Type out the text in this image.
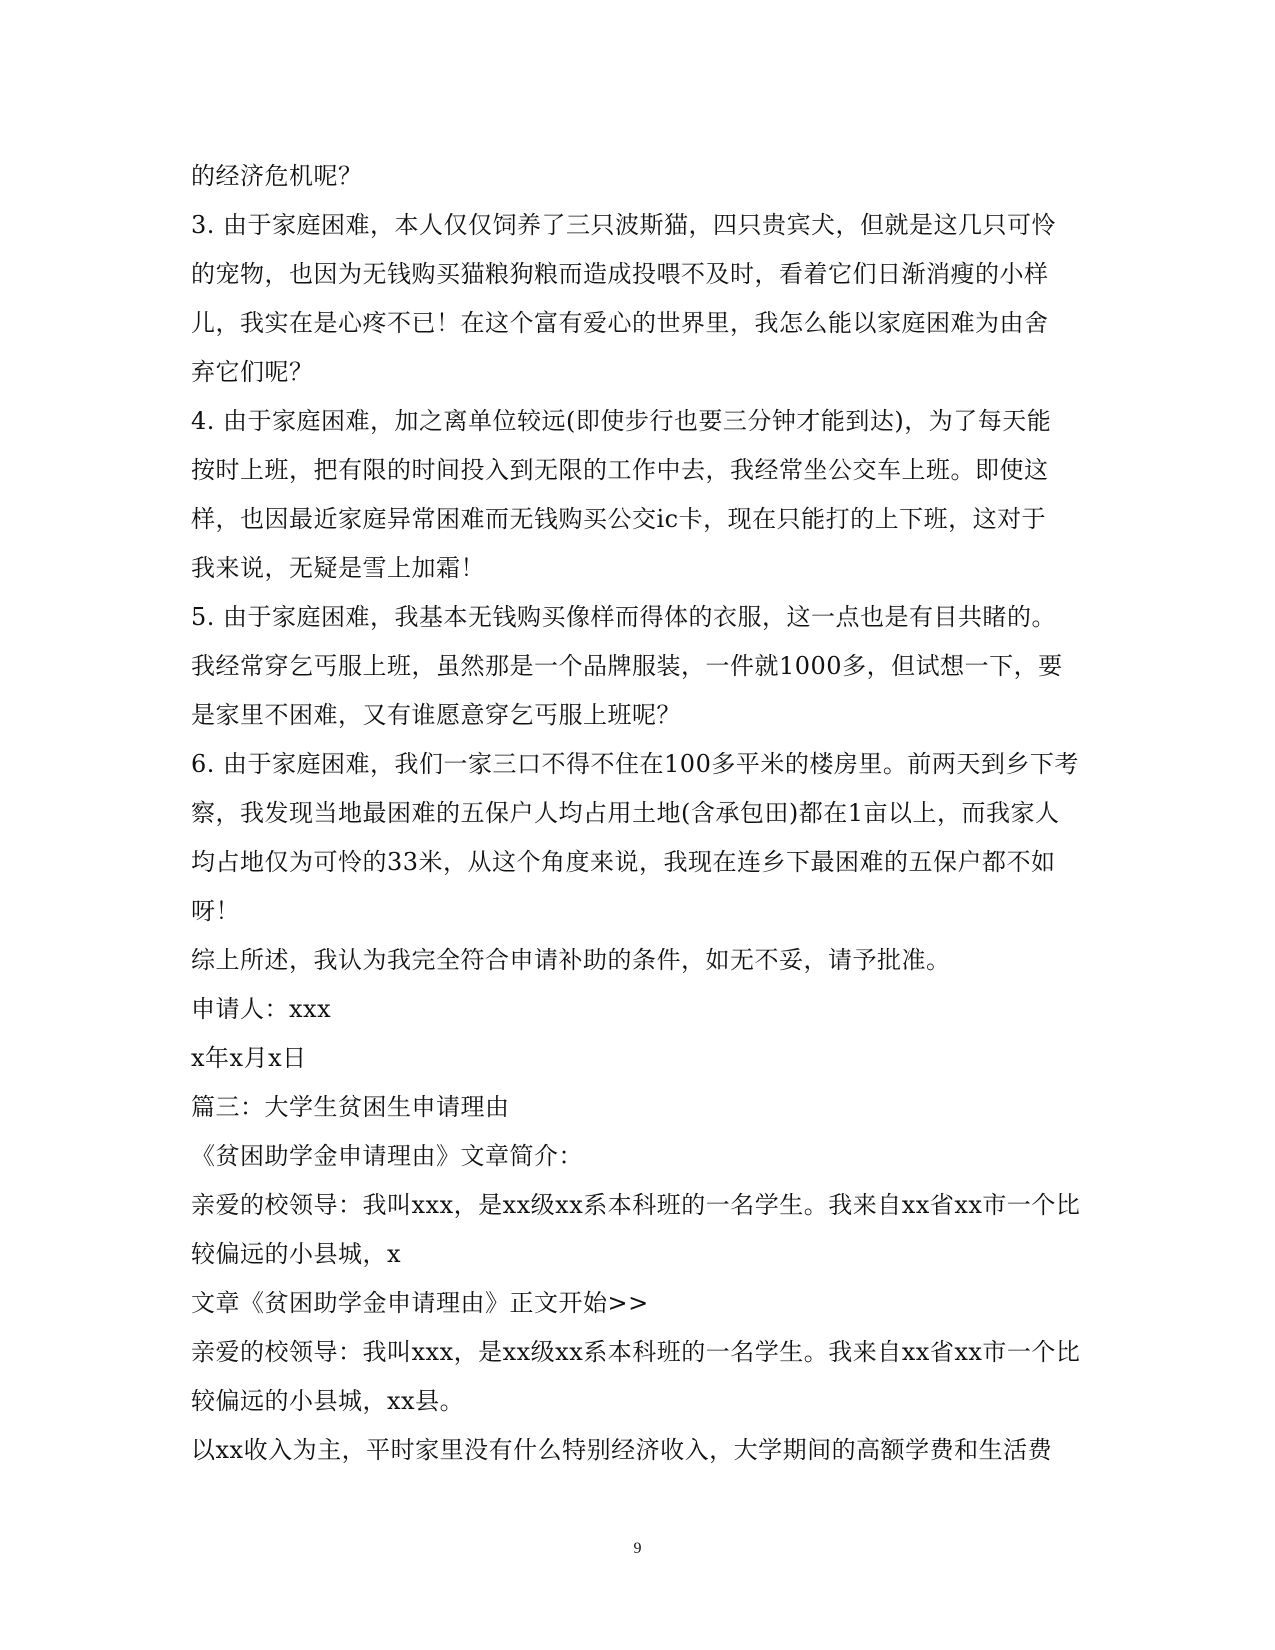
的经济危机呢？
3. 由于家庭困难，本人仅仅饲养了三只波斯猫，四只贵宾犬，但就是这几只可怜
的宠物，也因为无钱购买猫粮狗粮而造成投喂不及时，看着它们日渐消瘦的小样
儿，我实在是心疼不已！在这个富有爱心的世界里，我怎么能以家庭困难为由舍
弃它们呢？
4. 由于家庭困难，加之离单位较远(即使步行也要三分钟才能到达)，为了每天能
按时上班，把有限的时间投入到无限的工作中去，我经常坐公交车上班。即使这
样，也因最近家庭异常困难而无钱购买公交ic卡，现在只能打的上下班，这对于
我来说，无疑是雪上加霜！
5. 由于家庭困难，我基本无钱购买像样而得体的衣服，这一点也是有目共睹的。
我经常穿乞丐服上班，虽然那是一个品牌服装，一件就1000多，但试想一下，要
是家里不困难，又有谁愿意穿乞丐服上班呢？
6. 由于家庭困难，我们一家三口不得不住在100多平米的楼房里。前两天到乡下考
察，我发现当地最困难的五保户人均占用土地(含承包田)都在1亩以上，而我家人
均占地仅为可怜的33米，从这个角度来说，我现在连乡下最困难的五保户都不如
呀！
综上所述，我认为我完全符合申请补助的条件，如无不妥，请予批准。
申请人：xxx
x年x月x日
篇三：大学生贫困生申请理由
《贫困助学金申请理由》文章简介：
亲爱的校领导：我叫xxx，是xx级xx系本科班的一名学生。我来自xx省xx市一个比
较偏远的小县城，x
文章《贫困助学金申请理由》正文开始>>
亲爱的校领导：我叫xxx，是xx级xx系本科班的一名学生。我来自xx省xx市一个比
较偏远的小县城，xx县。
以xx收入为主，平时家里没有什么特别经济收入，大学期间的高额学费和生活费
9
